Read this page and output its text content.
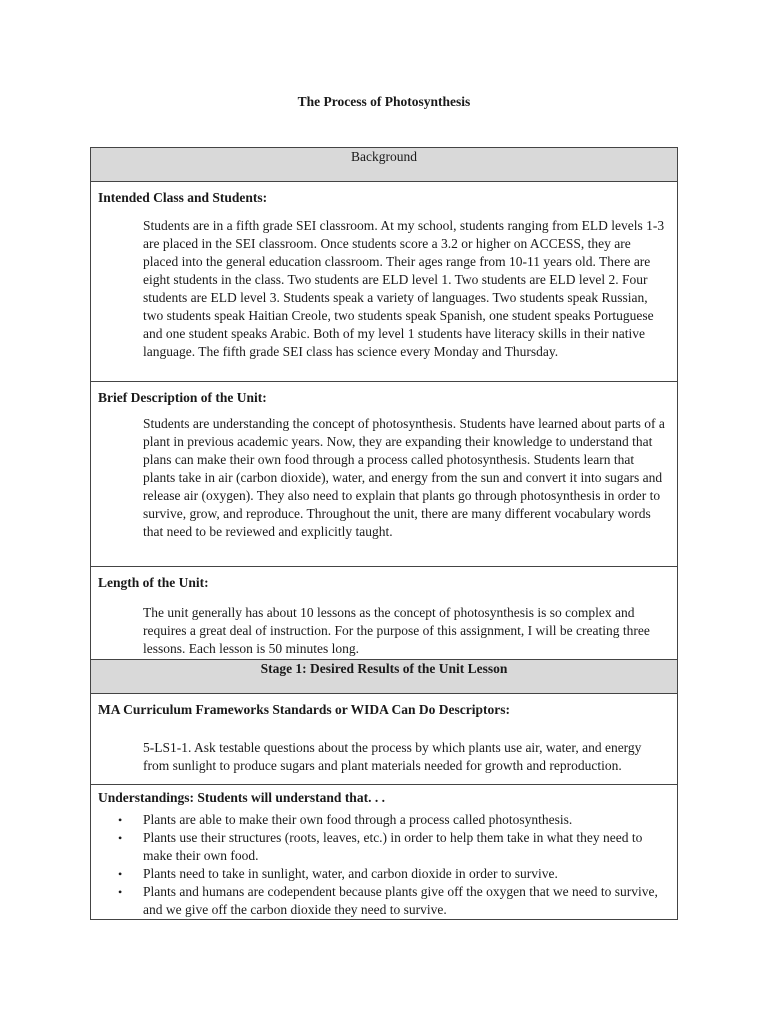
The Process of Photosynthesis
Background

Intended Class and Students:
Students are in a fifth grade SEI classroom. At my school, students ranging from ELD levels 1-3 are placed in the SEI classroom. Once students score a 3.2 or higher on ACCESS, they are placed into the general education classroom. Their ages range from 10-11 years old. There are eight students in the class. Two students are ELD level 1. Two students are ELD level 2. Four students are ELD level 3. Students speak a variety of languages. Two students speak Russian, two students speak Haitian Creole, two students speak Spanish, one student speaks Portuguese and one student speaks Arabic. Both of my level 1 students have literacy skills in their native language. The fifth grade SEI class has science every Monday and Thursday.

Brief Description of the Unit:
Students are understanding the concept of photosynthesis. Students have learned about parts of a plant in previous academic years. Now, they are expanding their knowledge to understand that plans can make their own food through a process called photosynthesis. Students learn that plants take in air (carbon dioxide), water, and energy from the sun and convert it into sugars and release air (oxygen). They also need to explain that plants go through photosynthesis in order to survive, grow, and reproduce. Throughout the unit, there are many different vocabulary words that need to be reviewed and explicitly taught.

Length of the Unit:
The unit generally has about 10 lessons as the concept of photosynthesis is so complex and requires a great deal of instruction. For the purpose of this assignment, I will be creating three lessons. Each lesson is 50 minutes long.

Stage 1: Desired Results of the Unit Lesson

MA Curriculum Frameworks Standards or WIDA Can Do Descriptors:
5-LS1-1. Ask testable questions about the process by which plants use air, water, and energy from sunlight to produce sugars and plant materials needed for growth and reproduction.

Understandings: Students will understand that. . .
• Plants are able to make their own food through a process called photosynthesis.
• Plants use their structures (roots, leaves, etc.) in order to help them take in what they need to make their own food.
• Plants need to take in sunlight, water, and carbon dioxide in order to survive.
• Plants and humans are codependent because plants give off the oxygen that we need to survive, and we give off the carbon dioxide they need to survive.
